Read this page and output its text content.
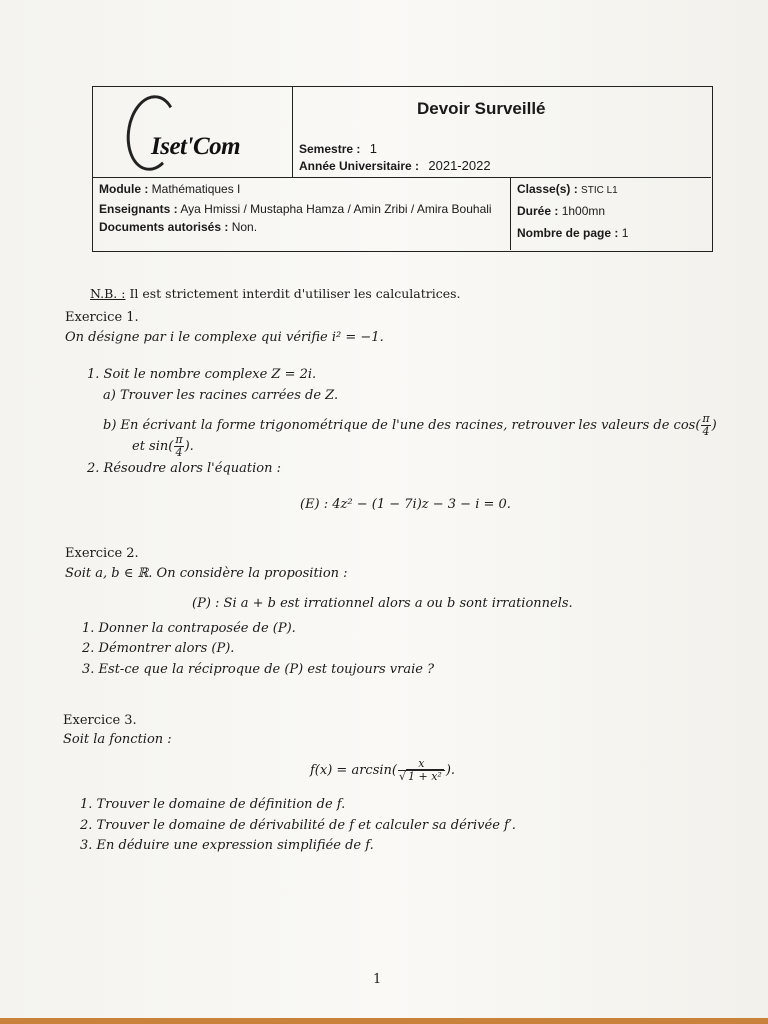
Iset'Com
Devoir Surveillé
Semestre : 1
Année Universitaire : 2021-2022
Module : Mathématiques I
Enseignants : Aya Hmissi / Mustapha Hamza / Amin Zribi / Amira Bouhali
Documents autorisés : Non.
Classe(s) : STIC L1
Durée : 1h00mn
Nombre de page : 1
N.B. : Il est strictement interdit d'utiliser les calculatrices.
Exercice 1.
On désigne par i le complexe qui vérifie i² = −1.
1. Soit le nombre complexe Z = 2i.
a) Trouver les racines carrées de Z.
b) En écrivant la forme trigonométrique de l'une des racines, retrouver les valeurs de $\cos( \frac{\pi}{4}$ )
et $\sin( \frac{\pi}{4}$ ).
2. Résoudre alors l'équation :
(E) : 4z² − (1 − 7i)z − 3 − i = 0.
Exercice 2.
Soit a, b ∈ ℝ. On considère la proposition :
(P) : Si a + b est irrationnel alors a ou b sont irrationnels.
1. Donner la contraposée de (P).
2. Démontrer alors (P).
3. Est-ce que la réciproque de (P) est toujours vraie ?
Exercice 3.
Soit la fonction :
$f(x) = \arcsin( \frac{x}{\text{√ 1 + x²}}$ ).
1. Trouver le domaine de définition de f.
2. Trouver le domaine de dérivabilité de f et calculer sa dérivée f′.
3. En déduire une expression simplifiée de f.
1
